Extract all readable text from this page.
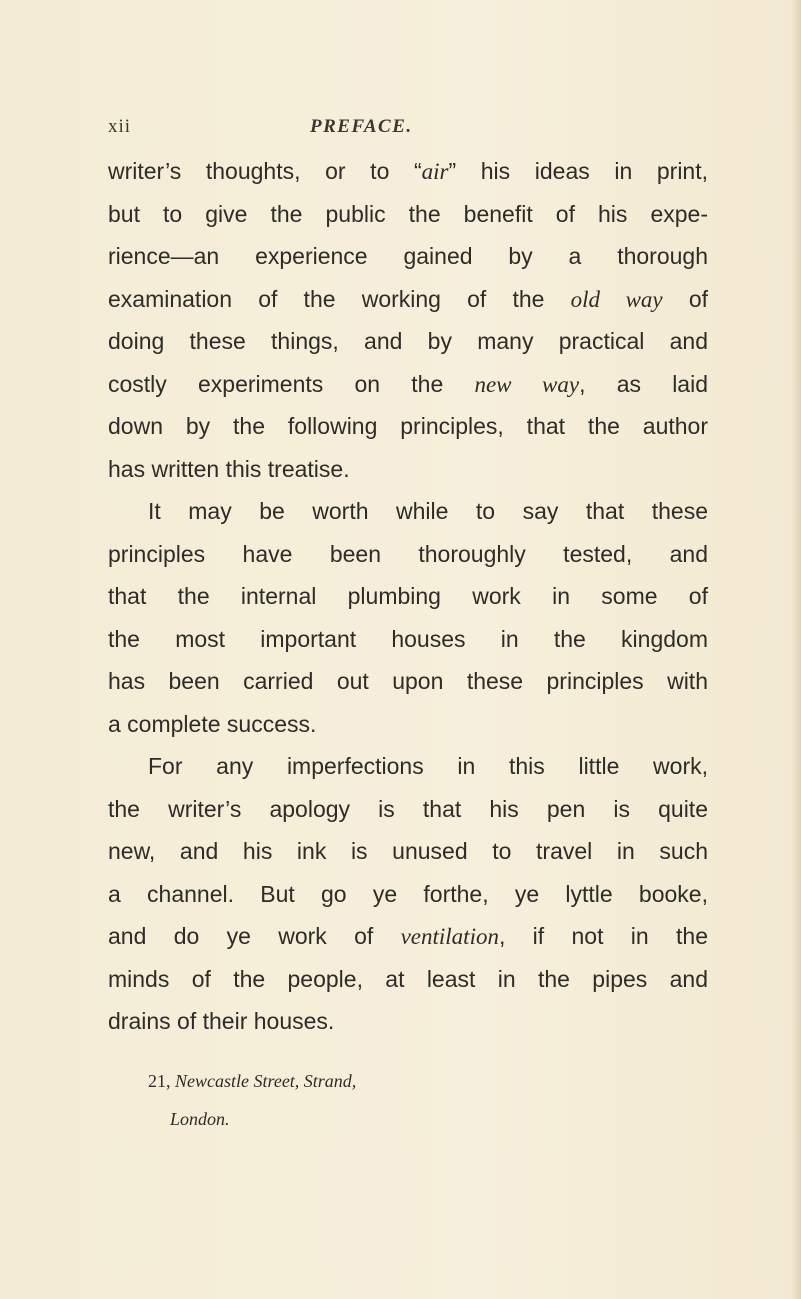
xii	PREFACE.
writer’s thoughts, or to “air” his ideas in print,
but to give the public the benefit of his expe-
rience—an experience gained by a thorough
examination of the working of the old way of
doing these things, and by many practical and
costly experiments on the new way, as laid
down by the following principles, that the author
has written this treatise.
It may be worth while to say that these
principles have been thoroughly tested, and
that the internal plumbing work in some of
the most important houses in the kingdom
has been carried out upon these principles with
a complete success.
For any imperfections in this little work,
the writer’s apology is that his pen is quite
new, and his ink is unused to travel in such
a channel. But go ye forthe, ye lyttle booke,
and do ye work of ventilation, if not in the
minds of the people, at least in the pipes and
drains of their houses.
21, Newcastle Street, Strand,
London.
